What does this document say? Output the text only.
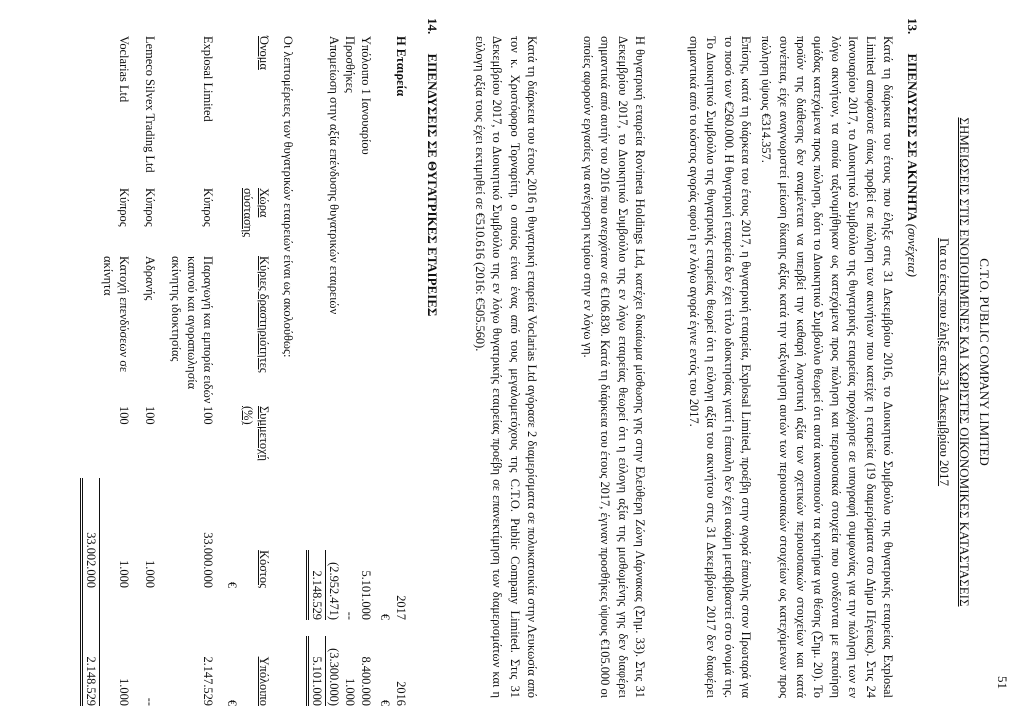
51
C.T.O. PUBLIC COMPANY LIMITED
ΣΗΜΕΙΩΣΕΙΣ ΣΤΙΣ ΕΝΟΠΟΙΗΜΕΝΕΣ ΚΑΙ ΧΩΡΙΣΤΕΣ ΟΙΚΟΝΟΜΙΚΕΣ ΚΑΤΑΣΤΑΣΕΙΣ
Για το έτος που έληξε στις 31 Δεκεμβρίου 2017
13. ΕΠΕΝΔΥΣΕΙΣ ΣΕ ΑΚΙΝΗΤΑ (συνέχεια)

Κατά τη διάρκεια του έτους που έληξε στις 31 Δεκεμβρίου 2016, το Διοικητικό Συμβούλιο της θυγατρικής εταιρείας Explosal Limited αποφάσισε όπως προβεί σε πώληση των ακινήτων που κατείχε η εταιρεία (19 διαμερίσματα στο Δήμο Πέγειας). Στις 24 Ιανουαρίου 2017, το Διοικητικό Συμβούλιο της θυγατρικής εταιρείας προχώρησε σε υπογραφή συμφωνίας για την πώληση των εν λόγω ακινήτων, τα οποία ταξινομήθηκαν ως κατεχόμενα προς πώληση και περιουσιακά στοιχεία που συνδέονται με εκποίηση ομάδας κατεχόμενα προς πώληση, διότι το Διοικητικό Συμβούλιο θεωρεί ότι αυτά ικανοποιούν τα κριτήρια για θέσης (Σημ. 20). Το προϊόν της διάθεσης δεν αναμένεται να υπερβεί την καθαρή λογιστική αξία των σχετικών περιουσιακών στοιχείων και κατά συνέπεια, είχε αναγνωριστεί μείωση δίκαιης αξίας κατά την ταξινόμηση αυτών των περιουσιακών στοιχείων ως κατεχόμενων προς πώληση ύψους €314.357.

Επίσης, κατά τη διάρκεια του έτους 2017, η θυγατρική εταιρεία, Explosal Limited, προέβη στην αγορά έπαυλης στον Πρωταρά για το ποσό των €260.000. Η θυγατρική εταιρεία δεν έχει τίτλο ιδιοκτησίας γιατί η έπαυλη δεν έχει ακόμη μεταβιβαστεί στο όνομά της. Το Διοικητικό Συμβούλιο της θυγατρικής εταιρείας θεωρεί ότι η εύλογη αξία του ακινήτου στις 31 Δεκεμβρίου 2017 δεν διαφέρει σημαντικά από το κόστος αγοράς αφού η εν λόγω αγορά έγινε εντός του 2017.

Η θυγατρική εταιρεία Rovineta Holdings Ltd, κατέχει δικαίωμα μίσθωσης γης στην Ελεύθερη Ζώνη Λάρνακας (Σημ. 33). Στις 31 Δεκεμβρίου 2017, το Διοικητικό Συμβούλιο της εν λόγω εταιρείας θεωρεί ότι η εύλογη αξία της μισθωμένης γης δεν διαφέρει σημαντικά από αυτήν του 2016 που ανερχόταν σε €106.830. Κατά τη διάρκεια του έτους 2017, έγιναν προσθήκες ύψους €105.000 οι οποίες αφορούν εργασίες για ανέγερση κτιρίου στην εν λόγω γη.

Κατά τη διάρκεια του έτους 2016 η θυγατρική εταιρεία Voclarias Ltd αγόρασε 2 διαμερίσματα σε πολυκατοικία στην Λευκωσία από τον κ. Χριστόφορο Τορναρίτη, ο οποίος είναι ένας από τους μεγαλομετόχους της C.T.O. Public Company Limited. Στις 31 Δεκεμβρίου 2017, το Διοικητικό Συμβούλιο της εν λόγω θυγατρικής εταιρείας προέβη σε επανεκτίμηση των διαμερισμάτων και η εύλογη αξία τους έχει εκτιμηθεί σε €510.616 (2016: €505.560).

14. ΕΠΕΝΔΥΣΕΙΣ ΣΕ ΘΥΓΑΤΡΙΚΕΣ ΕΤΑΙΡΕΙΕΣ
Η Εταιρεία
2017
2016
€
€
Υπόλοιπο 1 Ιανουαρίου	5.101.000		8.400.000
Προσθήκες	--		1.000
Απομείωση στην αξία επένδυσης θυγατρικών εταιρειών	(2.952.471)		(3.300.000)
	2.148.529		5.101.000

Οι λεπτομέρειες των θυγατρικών εταιρειών είναι ως ακολούθως:

Όνομα	Χώρα σύστασης	Κύριες δραστηριότητες	Συμμετοχή (%)	Κόστος	Υπόλοιπο
				€	€

Explosal Limited	Κύπρος	Παραγωγή και εμπορία ειδών καπνού και αγοραπωλησία ακίνητης ιδιοκτησίας	100	33.000.000	2.147.529

Lemeco Silvex Trading Ltd	Κύπρος	Αδρανής	100	1.000	--

Voclarias Ltd	Κύπρος	Κατοχή επενδύσεων σε ακίνητα	100	1.000	1.000
				33.002.000	2.148.529
